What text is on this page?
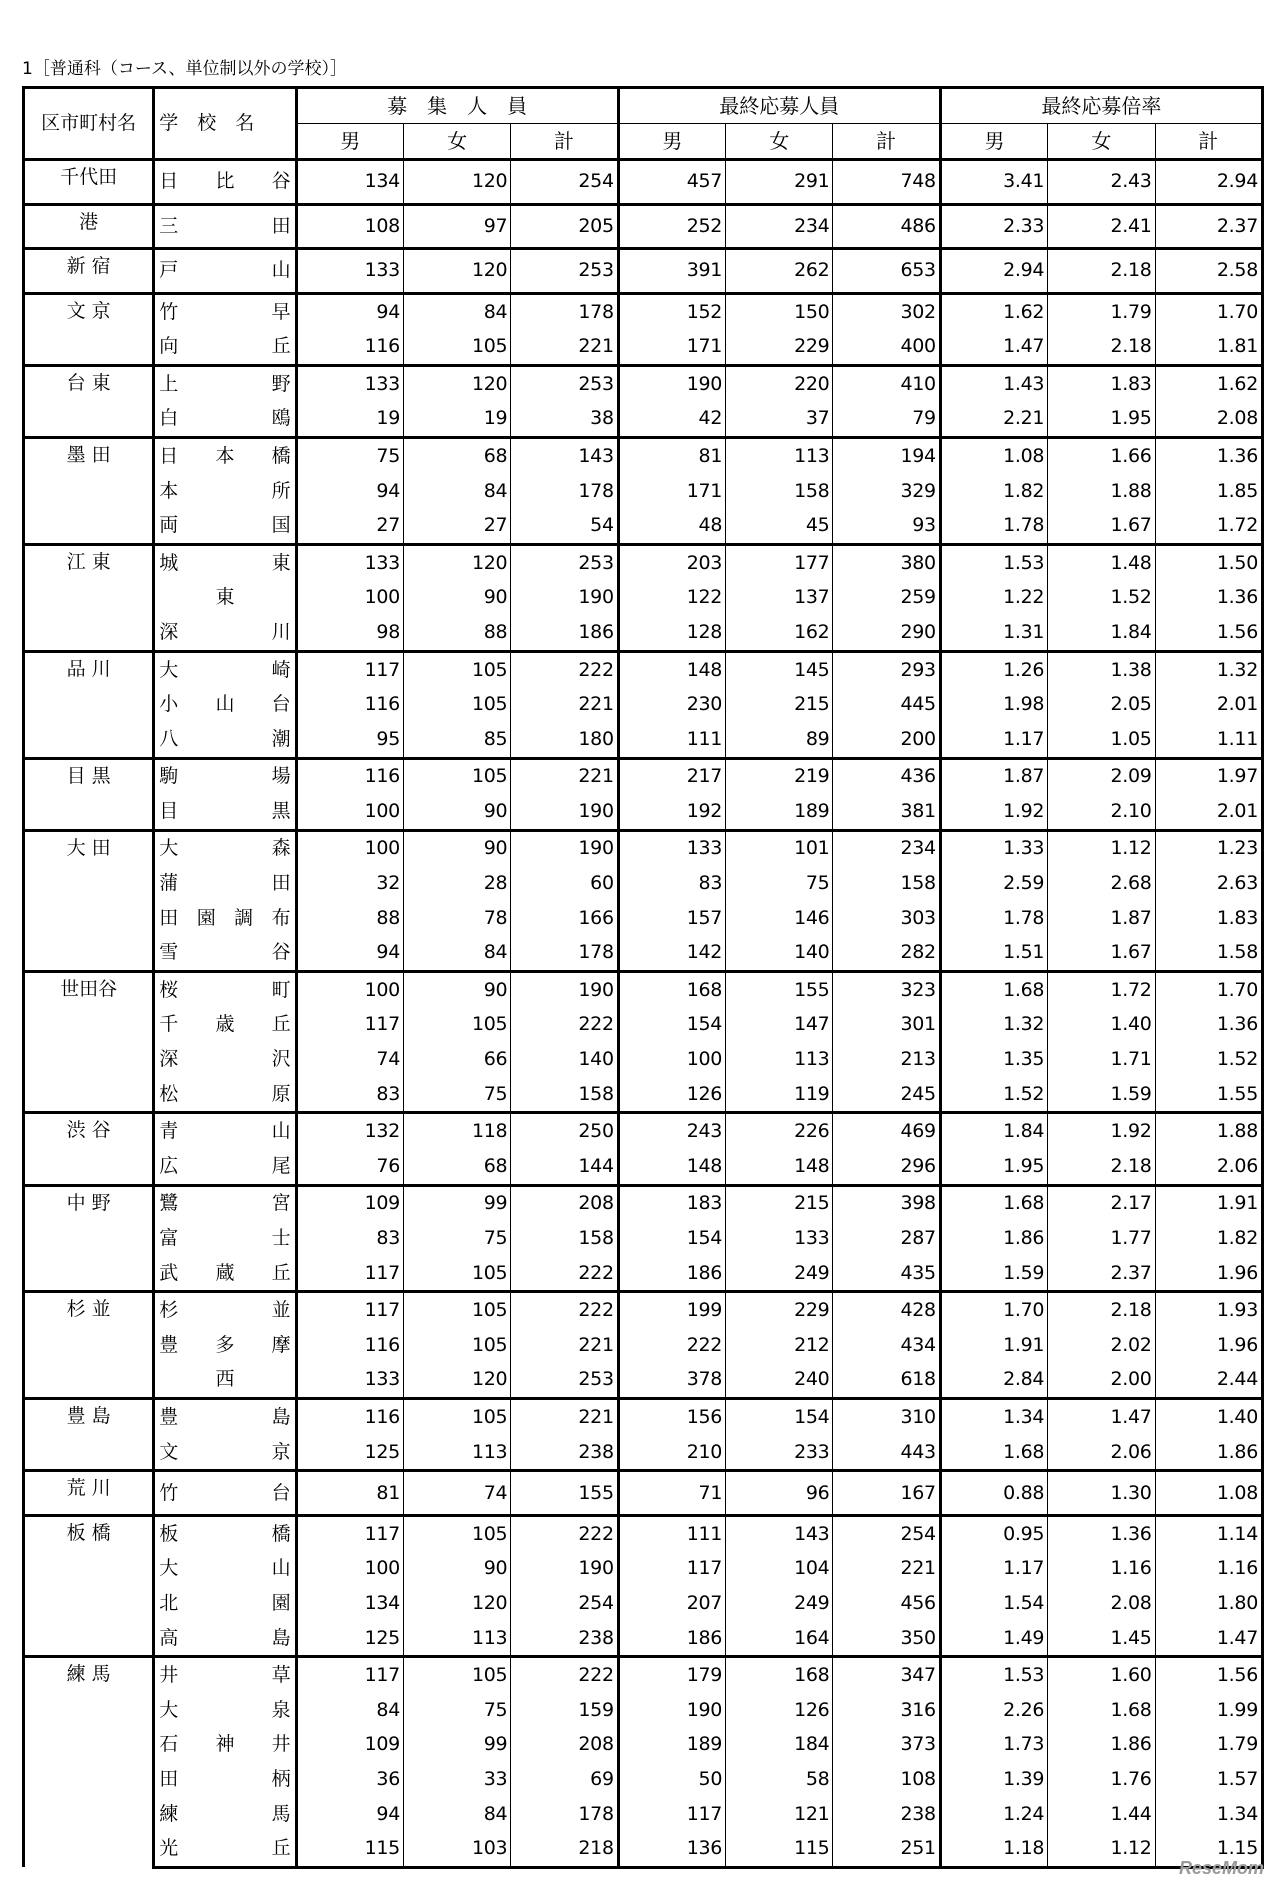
1［普通科（コース、単位制以外の学校）］
区市町村名	学　校　名	募　集　人　員			最終応募人員			最終応募倍率		
		男	女	計	男	女	計	男	女	計
千代田	日 比 谷	134	120	254	457	291	748	3.41	2.43	2.94
港	三 田	108	97	205	252	234	486	2.33	2.41	2.37
新 宿	戸 山	133	120	253	391	262	653	2.94	2.18	2.58
文 京	竹 早	94	84	178	152	150	302	1.62	1.79	1.70

	向 丘	116	105	221	171	229	400	1.47	2.18	1.81
台 東	上 野	133	120	253	190	220	410	1.43	1.83	1.62

	白 鴎	19	19	38	42	37	79	2.21	1.95	2.08
墨 田	日 本 橋	75	68	143	81	113	194	1.08	1.66	1.36

	本 所	94	84	178	171	158	329	1.82	1.88	1.85

	両 国	27	27	54	48	45	93	1.78	1.67	1.72
江 東	城 東	133	120	253	203	177	380	1.53	1.48	1.50

	東	100	90	190	122	137	259	1.22	1.52	1.36

	深 川	98	88	186	128	162	290	1.31	1.84	1.56
品 川	大 崎	117	105	222	148	145	293	1.26	1.38	1.32

	小 山 台	116	105	221	230	215	445	1.98	2.05	2.01

	八 潮	95	85	180	111	89	200	1.17	1.05	1.11
目 黒	駒 場	116	105	221	217	219	436	1.87	2.09	1.97

	目 黒	100	90	190	192	189	381	1.92	2.10	2.01
大 田	大 森	100	90	190	133	101	234	1.33	1.12	1.23

	蒲 田	32	28	60	83	75	158	2.59	2.68	2.63

	田 園 調 布	88	78	166	157	146	303	1.78	1.87	1.83

	雪 谷	94	84	178	142	140	282	1.51	1.67	1.58
世田谷	桜 町	100	90	190	168	155	323	1.68	1.72	1.70

	千 歳 丘	117	105	222	154	147	301	1.32	1.40	1.36

	深 沢	74	66	140	100	113	213	1.35	1.71	1.52

	松 原	83	75	158	126	119	245	1.52	1.59	1.55
渋 谷	青 山	132	118	250	243	226	469	1.84	1.92	1.88

	広 尾	76	68	144	148	148	296	1.95	2.18	2.06
中 野	鷺 宮	109	99	208	183	215	398	1.68	2.17	1.91

	富 士	83	75	158	154	133	287	1.86	1.77	1.82

	武 蔵 丘	117	105	222	186	249	435	1.59	2.37	1.96
杉 並	杉 並	117	105	222	199	229	428	1.70	2.18	1.93

	豊 多 摩	116	105	221	222	212	434	1.91	2.02	1.96

	西	133	120	253	378	240	618	2.84	2.00	2.44
豊 島	豊 島	116	105	221	156	154	310	1.34	1.47	1.40

	文 京	125	113	238	210	233	443	1.68	2.06	1.86
荒 川	竹 台	81	74	155	71	96	167	0.88	1.30	1.08
板 橋	板 橋	117	105	222	111	143	254	0.95	1.36	1.14

	大 山	100	90	190	117	104	221	1.17	1.16	1.16

	北 園	134	120	254	207	249	456	1.54	2.08	1.80

	高 島	125	113	238	186	164	350	1.49	1.45	1.47
練 馬	井 草	117	105	222	179	168	347	1.53	1.60	1.56

	大 泉	84	75	159	190	126	316	2.26	1.68	1.99

	石 神 井	109	99	208	189	184	373	1.73	1.86	1.79

	田 柄	36	33	69	50	58	108	1.39	1.76	1.57

	練 馬	94	84	178	117	121	238	1.24	1.44	1.34

	光 丘	115	103	218	136	115	251	1.18	1.12	1.15
ReseMom
